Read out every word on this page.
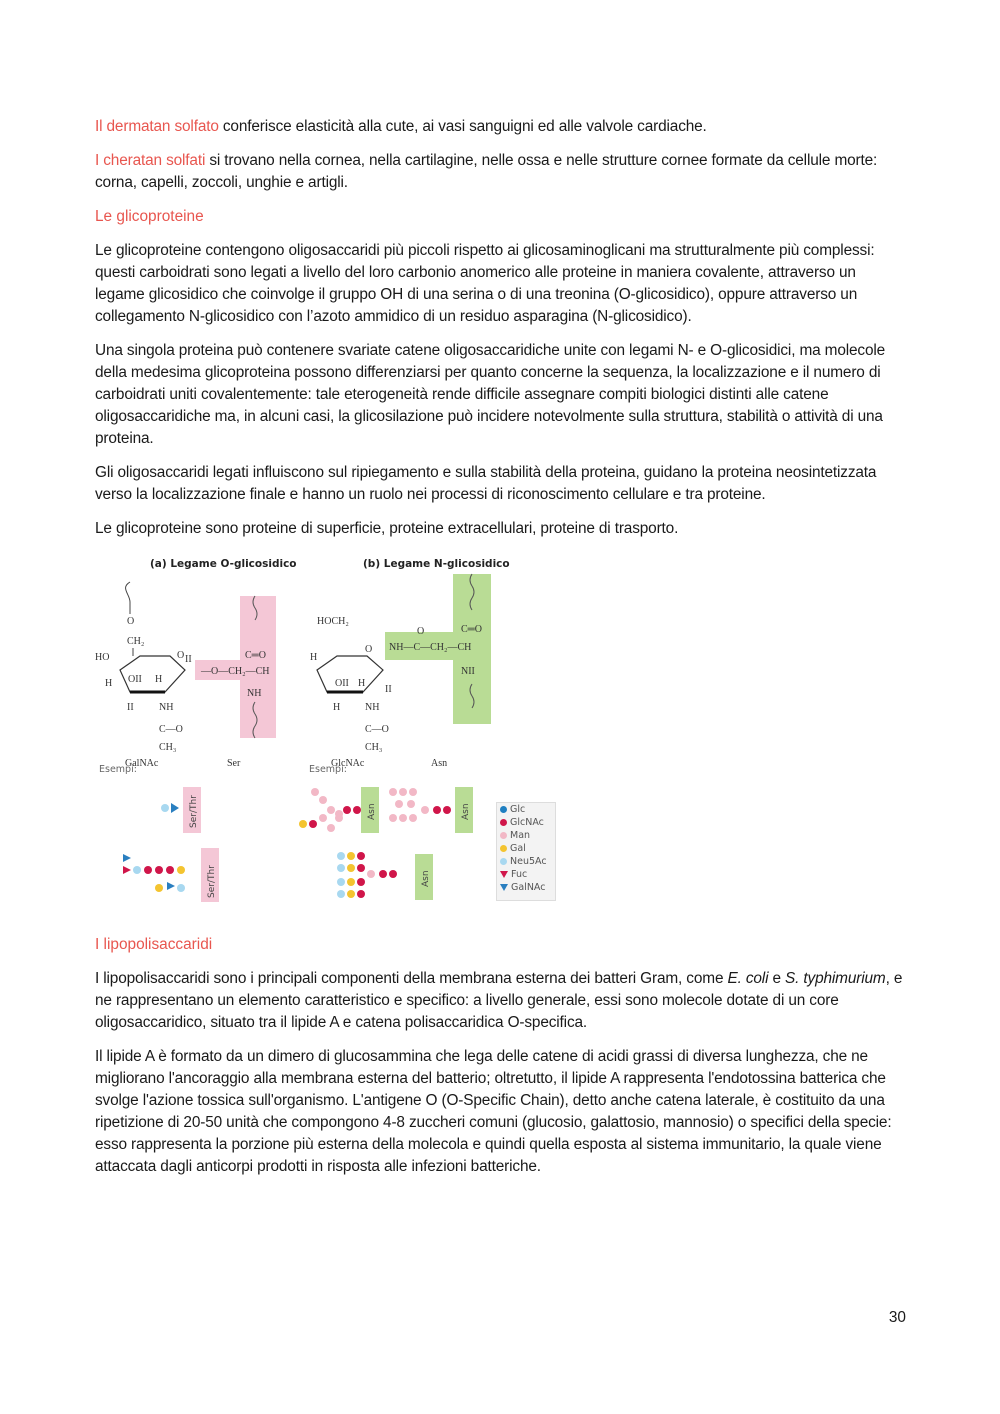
Il dermatan solfato conferisce elasticità alla cute, ai vasi sanguigni ed alle valvole cardiache.

I cheratan solfati si trovano nella cornea, nella cartilagine, nelle ossa e nelle strutture cornee formate da cellule morte: corna, capelli, zoccoli, unghie e artigli.

Le glicoproteine

Le glicoproteine contengono oligosaccaridi più piccoli rispetto ai glicosaminoglicani ma strutturalmente più complessi: questi carboidrati sono legati a livello del loro carbonio anomerico alle proteine in maniera covalente, attraverso un legame glicosidico che coinvolge il gruppo OH di una serina o di una treonina (O-glicosidico), oppure attraverso un collegamento N-glicosidico con l’azoto ammidico di un residuo asparagina (N-glicosidico).

Una singola proteina può contenere svariate catene oligosaccaridiche unite con legami N- e O-glicosidici, ma molecole della medesima glicoproteina possono differenziarsi per quanto concerne la sequenza, la localizzazione e il numero di carboidrati uniti covalentemente: tale eterogeneità rende difficile assegnare compiti biologici distinti alle catene oligosaccaridiche ma, in alcuni casi, la glicosilazione può incidere notevolmente sulla struttura, stabilità o attività di una proteina.

Gli oligosaccaridi legati influiscono sul ripiegamento e sulla stabilità della proteina, guidano la proteina neosintetizzata verso la localizzazione finale e hanno un ruolo nei processi di riconoscimento cellulare e tra proteine.

Le glicoproteine sono proteine di superficie, proteine extracellulari, proteine di trasporto.

(a) Legame O-glicosidico	(b) Legame N-glicosidico
O
CH₂
HO
H
O
II
OII H
II	NH
C—O
CH₃
GalNAc
—O—CH₂—CH
C═O
NH
Ser
HOCH₂
H
O
OII H
II
NH—C—CH₂—CH
O	C═O
NII
H NH
C—O
CH₃
GlcNAc	Asn
Ser/Thr
Ser/Thr
Asn	Asn
Asn
Esempi:	Esempi:
Glc
GlcNAc
Man
Gal
Neu5Ac
Fuc
GalNAc
I lipopolisaccaridi

I lipopolisaccaridi sono i principali componenti della membrana esterna dei batteri Gram, come E. coli e S. typhimurium, e ne rappresentano un elemento caratteristico e specifico: a livello generale, essi sono molecole dotate di un core oligosaccaridico, situato tra il lipide A e catena polisaccaridica O-specifica.

Il lipide A è formato da un dimero di glucosammina che lega delle catene di acidi grassi di diversa lunghezza, che ne migliorano l'ancoraggio alla membrana esterna del batterio; oltretutto, il lipide A rappresenta l'endotossina batterica che svolge l'azione tossica sull'organismo. L'antigene O (O-Specific Chain), detto anche catena laterale, è costituito da una ripetizione di 20-50 unità che compongono 4-8 zuccheri comuni (glucosio, galattosio, mannosio) o specifici della specie: esso rappresenta la porzione più esterna della molecola e quindi quella esposta al sistema immunitario, la quale viene attaccata dagli anticorpi prodotti in risposta alle infezioni batteriche.

30
